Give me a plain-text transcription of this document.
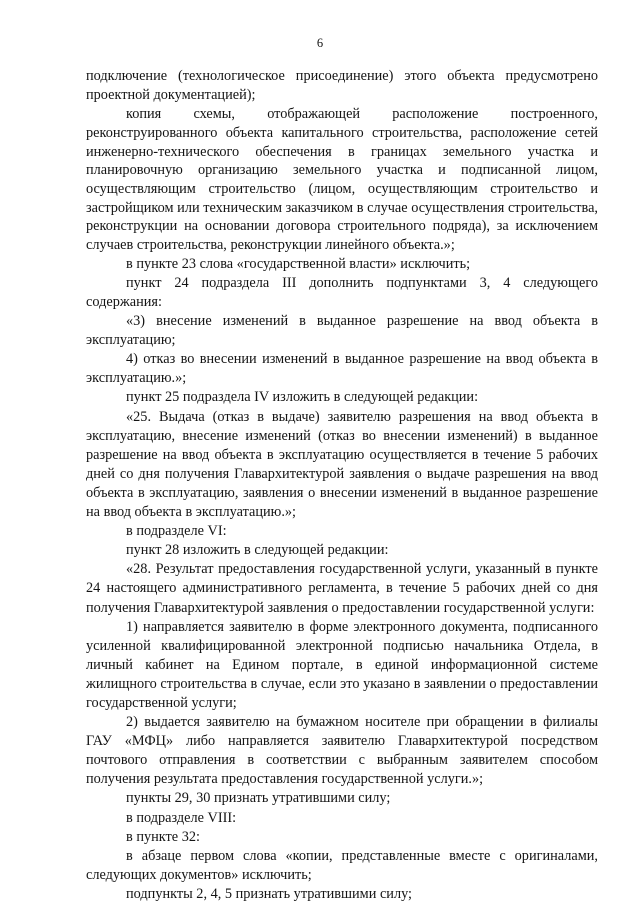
6

подключение (технологическое присоединение) этого объекта предусмотрено проектной документацией);

копия схемы, отображающей расположение построенного, реконструированного объекта капитального строительства, расположение сетей инженерно-технического обеспечения в границах земельного участка и планировочную организацию земельного участка и подписанной лицом, осуществляющим строительство (лицом, осуществляющим строительство и застройщиком или техническим заказчиком в случае осуществления строительства, реконструкции на основании договора строительного подряда), за исключением случаев строительства, реконструкции линейного объекта.»;

в пункте 23 слова «государственной власти» исключить;

пункт 24 подраздела III дополнить подпунктами 3, 4 следующего содержания:

«3) внесение изменений в выданное разрешение на ввод объекта в эксплуатацию;

4) отказ во внесении изменений в выданное разрешение на ввод объекта в эксплуатацию.»;

пункт 25 подраздела IV изложить в следующей редакции:

«25. Выдача (отказ в выдаче) заявителю разрешения на ввод объекта в эксплуатацию, внесение изменений (отказ во внесении изменений) в выданное разрешение на ввод объекта в эксплуатацию осуществляется в течение 5 рабочих дней со дня получения Главархитектурой заявления о выдаче разрешения на ввод объекта в эксплуатацию, заявления о внесении изменений в выданное разрешение на ввод объекта в эксплуатацию.»;

в подразделе VI:

пункт 28 изложить в следующей редакции:

«28. Результат предоставления государственной услуги, указанный в пункте 24 настоящего административного регламента, в течение 5 рабочих дней со дня получения Главархитектурой заявления о предоставлении государственной услуги:

1) направляется заявителю в форме электронного документа, подписанного усиленной квалифицированной электронной подписью начальника Отдела, в личный кабинет на Едином портале, в единой информационной системе жилищного строительства в случае, если это указано в заявлении о предоставлении государственной услуги;

2) выдается заявителю на бумажном носителе при обращении в филиалы ГАУ «МФЦ» либо направляется заявителю Главархитектурой посредством почтового отправления в соответствии с выбранным заявителем способом получения результата предоставления государственной услуги.»;

пункты 29, 30 признать утратившими силу;

в подразделе VIII:

в пункте 32:

в абзаце первом слова «копии, представленные вместе с оригиналами, следующих документов» исключить;

подпункты 2, 4, 5 признать утратившими силу;
